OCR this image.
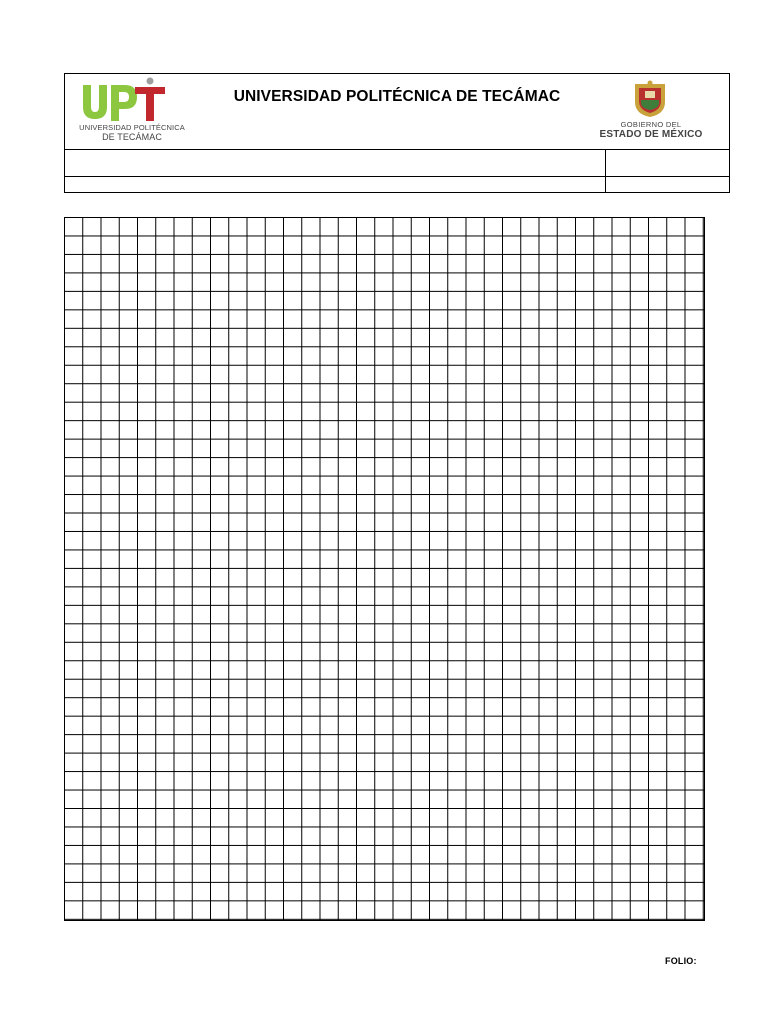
UNIVERSIDAD POLITÉCNICA
DE TECÁMAC
UNIVERSIDAD POLITÉCNICA DE TECÁMAC
GOBIERNO DEL
ESTADO DE MÉXICO
FOLIO:
